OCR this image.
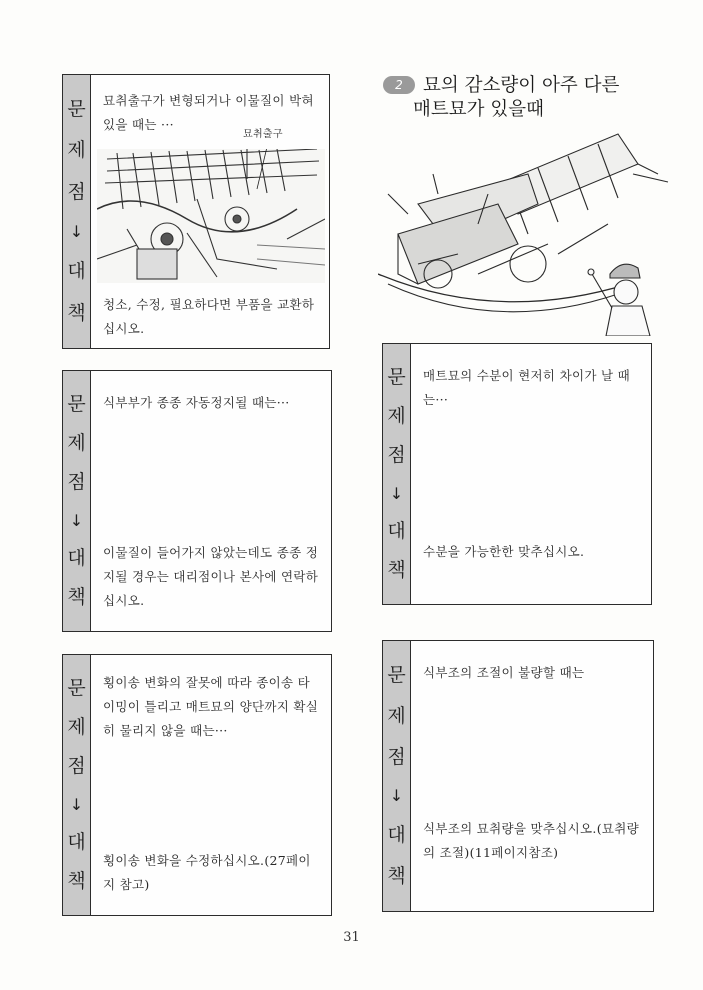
문
제
점
↓
대
책
묘취출구가 변형되거나 이물질이 박혀 있을 때는 ···
묘취출구
청소, 수정, 필요하다면 부품을 교환하십시오.
2 묘의 감소량이 아주 다른
매트묘가 있을때
문
제
점
↓
대
책
식부부가 종종 자동정지될 때는···
이물질이 들어가지 않았는데도 종종 정지될 경우는 대리점이나 본사에 연락하십시오.
문
제
점
↓
대
책
횡이송 변화의 잘못에 따라 종이송 타이밍이 틀리고 매트묘의 양단까지 확실히 물리지 않을 때는···
횡이송 변화을 수정하십시오.(27페이지 참고)
문
제
점
↓
대
책
매트묘의 수분이 현저히 차이가 날 때는···
수분을 가능한한 맞추십시오.
문
제
점
↓
대
책
식부조의 조절이 불량할 때는
식부조의 묘취량을 맞추십시오.(묘취량의 조절)(11페이지참조)
31
